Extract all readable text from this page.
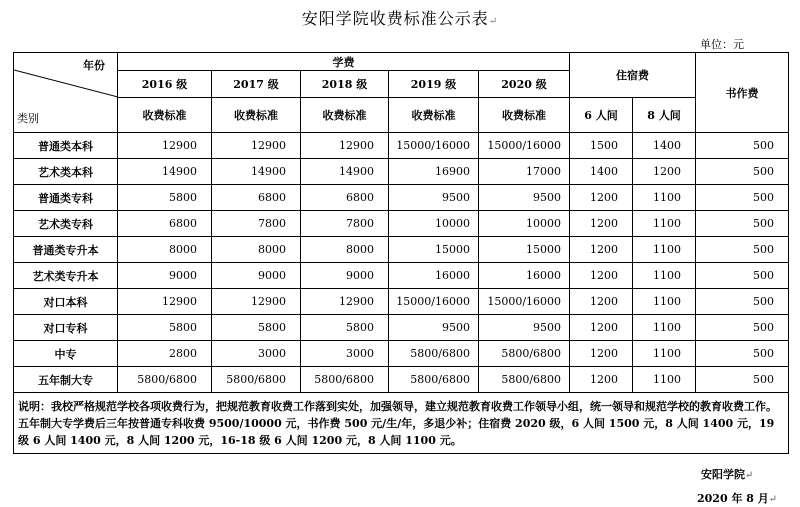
安阳学院收费标准公示表↵
单位：元
年份
类别	学费					住宿费		书作费
	2016 级	2017 级	2018 级	2019 级	2020 级			
	收费标准	收费标准	收费标准	收费标准	收费标准	6 人间	8 人间	
普通类本科	12900	12900	12900	15000/16000	15000/16000	1500	1400	500
艺术类本科	14900	14900	14900	16900	17000	1400	1200	500
普通类专科	5800	6800	6800	9500	9500	1200	1100	500
艺术类专科	6800	7800	7800	10000	10000	1200	1100	500
普通类专升本	8000	8000	8000	15000	15000	1200	1100	500
艺术类专升本	9000	9000	9000	16000	16000	1200	1100	500
对口本科	12900	12900	12900	15000/16000	15000/16000	1200	1100	500
对口专科	5800	5800	5800	9500	9500	1200	1100	500
中专	2800	3000	3000	5800/6800	5800/6800	1200	1100	500
五年制大专	5800/6800	5800/6800	5800/6800	5800/6800	5800/6800	1200	1100	500
说明：我校严格规范学校各项收费行为，把规范教育收费工作落到实处，加强领导，建立规范教育收费工作领导小组，统一领导和规范学校的教育收费工作。五年制大专学费后三年按普通专科收费 9500/10000 元，书作费 500 元/生/年，多退少补；住宿费 2020 级，6 人间 1500 元，8 人间 1400 元，19 级 6 人间 1400 元，8 人间 1200 元，16-18 级 6 人间 1200 元，8 人间 1100 元。								
安阳学院↵
2020 年 8 月↵
